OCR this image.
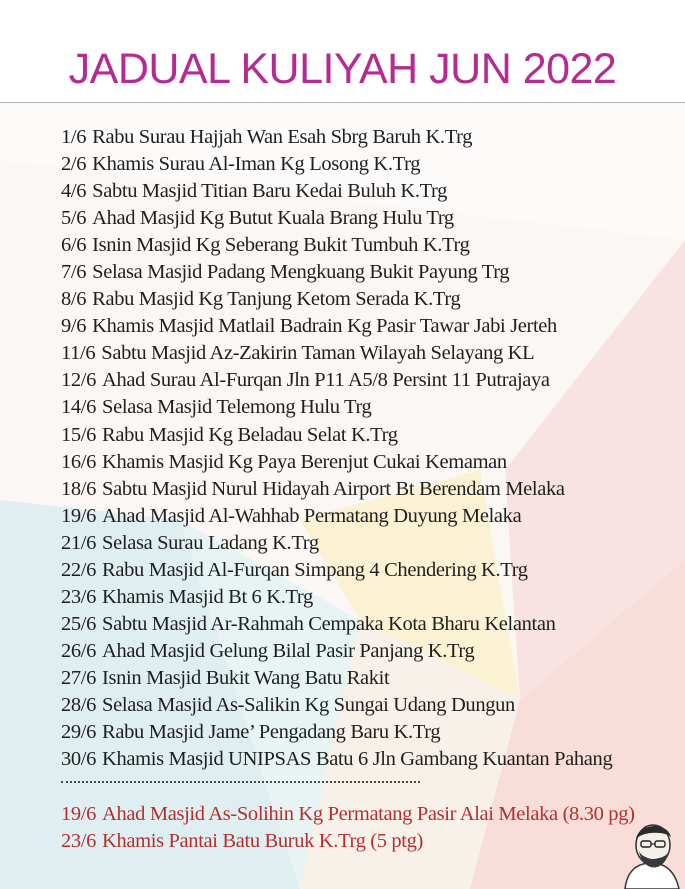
JADUAL KULIYAH JUN 2022
1/6 Rabu Surau Hajjah Wan Esah Sbrg Baruh K.Trg
2/6 Khamis Surau Al-Iman Kg Losong K.Trg
4/6 Sabtu Masjid Titian Baru Kedai Buluh K.Trg
5/6 Ahad Masjid Kg Butut Kuala Brang Hulu Trg
6/6 Isnin Masjid Kg Seberang Bukit Tumbuh K.Trg
7/6 Selasa Masjid Padang Mengkuang Bukit Payung Trg
8/6 Rabu Masjid Kg Tanjung Ketom Serada K.Trg
9/6 Khamis Masjid Matlail Badrain Kg Pasir Tawar Jabi Jerteh
11/6 Sabtu Masjid Az-Zakirin Taman Wilayah Selayang KL
12/6 Ahad Surau Al-Furqan Jln P11 A5/8 Persint 11 Putrajaya
14/6 Selasa Masjid Telemong Hulu Trg
15/6 Rabu Masjid Kg Beladau Selat K.Trg
16/6 Khamis Masjid Kg Paya Berenjut Cukai Kemaman
18/6 Sabtu Masjid Nurul Hidayah Airport Bt Berendam Melaka
19/6 Ahad Masjid Al-Wahhab Permatang Duyung Melaka
21/6 Selasa Surau Ladang K.Trg
22/6 Rabu Masjid Al-Furqan Simpang 4 Chendering K.Trg
23/6 Khamis Masjid Bt 6 K.Trg
25/6 Sabtu Masjid Ar-Rahmah Cempaka Kota Bharu Kelantan
26/6 Ahad Masjid Gelung Bilal Pasir Panjang K.Trg
27/6 Isnin Masjid Bukit Wang Batu Rakit
28/6 Selasa Masjid As-Salikin Kg Sungai Udang Dungun
29/6 Rabu Masjid Jame’ Pengadang Baru K.Trg
30/6 Khamis Masjid UNIPSAS Batu 6 Jln Gambang Kuantan Pahang
19/6 Ahad Masjid As-Solihin Kg Permatang Pasir Alai Melaka (8.30 pg)
23/6 Khamis Pantai Batu Buruk K.Trg (5 ptg)
